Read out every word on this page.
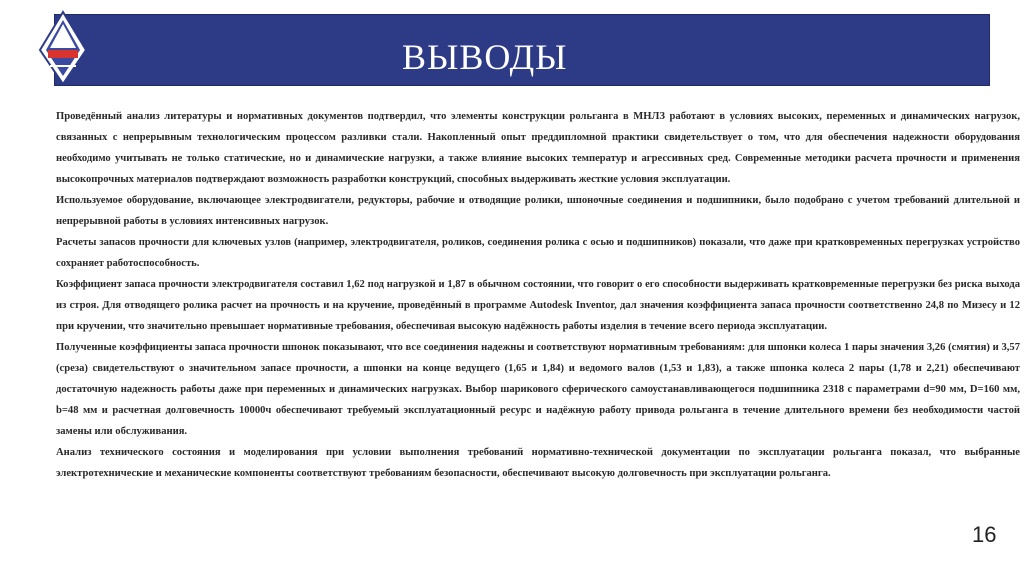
ВЫВОДЫ

Проведённый анализ литературы и нормативных документов подтвердил, что элементы конструкции рольганга в МНЛЗ работают в условиях высоких, переменных и динамических нагрузок, связанных с непрерывным технологическим процессом разливки стали. Накопленный опыт преддипломной практики свидетельствует о том, что для обеспечения надежности оборудования необходимо учитывать не только статические, но и динамические нагрузки, а также влияние высоких температур и агрессивных сред. Современные методики расчета прочности и применения высокопрочных материалов подтверждают возможность разработки конструкций, способных выдерживать жесткие условия эксплуатации.

Используемое оборудование, включающее электродвигатели, редукторы, рабочие и отводящие ролики, шпоночные соединения и подшипники, было подобрано с учетом требований длительной и непрерывной работы в условиях интенсивных нагрузок.

Расчеты запасов прочности для ключевых узлов (например, электродвигателя, роликов, соединения ролика с осью и подшипников) показали, что даже при кратковременных перегрузках устройство сохраняет работоспособность.

Коэффициент запаса прочности электродвигателя составил 1,62 под нагрузкой и 1,87 в обычном состоянии, что говорит о его способности выдерживать кратковременные перегрузки без риска выхода из строя. Для отводящего ролика расчет на прочность и на кручение, проведённый в программе Autodesk Inventor, дал значения коэффициента запаса прочности соответственно 24,8 по Мизесу и 12 при кручении, что значительно превышает нормативные требования, обеспечивая высокую надёжность работы изделия в течение всего периода эксплуатации.

Полученные коэффициенты запаса прочности шпонок показывают, что все соединения надежны и соответствуют нормативным требованиям: для шпонки колеса 1 пары значения 3,26 (смятия) и 3,57 (среза) свидетельствуют о значительном запасе прочности, а шпонки на конце ведущего (1,65 и 1,84) и ведомого валов (1,53 и 1,83), а также шпонка колеса 2 пары (1,78 и 2,21) обеспечивают достаточную надежность работы даже при переменных и динамических нагрузках. Выбор шарикового сферического самоустанавливающегося подшипника 2318 с параметрами d=90 мм, D=160 мм, b=48 мм и расчетная долговечность 10000ч обеспечивают требуемый эксплуатационный ресурс и надёжную работу привода рольганга в течение длительного времени без необходимости частой замены или обслуживания.

Анализ технического состояния и моделирования при условии выполнения требований нормативно-технической документации по эксплуатации рольганга показал, что выбранные электротехнические и механические компоненты соответствуют требованиям безопасности, обеспечивают высокую долговечность при эксплуатации рольганга.

16
